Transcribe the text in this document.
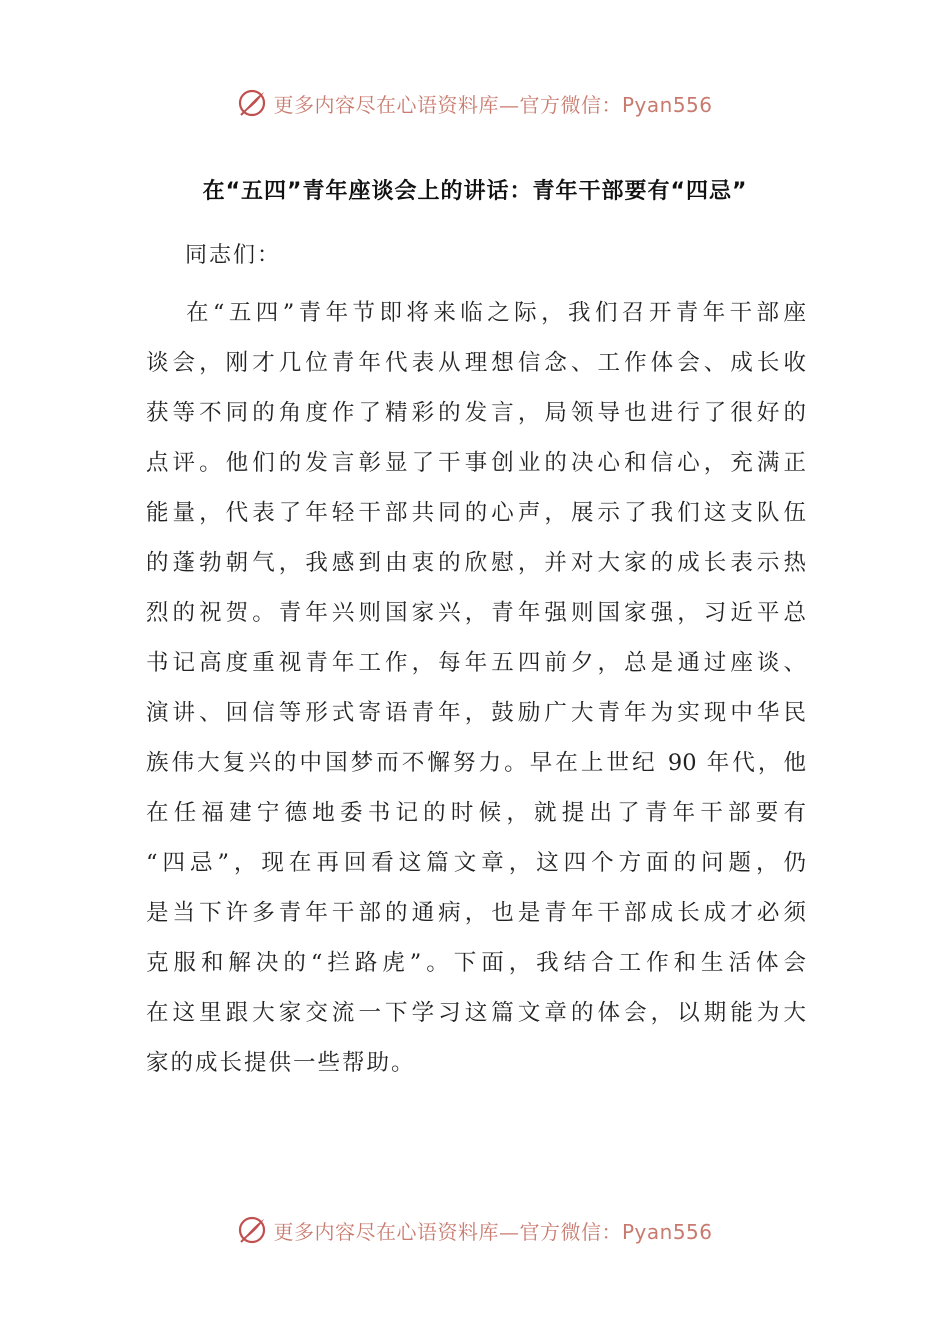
更多内容尽在心语资料库—官方微信：Pyan556
在“五四”青年座谈会上的讲话：青年干部要有“四忌”

同志们：

在“五四”青年节即将来临之际，我们召开青年干部座
谈会，刚才几位青年代表从理想信念、工作体会、成长收
获等不同的角度作了精彩的发言，局领导也进行了很好的
点评。他们的发言彰显了干事创业的决心和信心，充满正
能量，代表了年轻干部共同的心声，展示了我们这支队伍
的蓬勃朝气，我感到由衷的欣慰，并对大家的成长表示热
烈的祝贺。青年兴则国家兴，青年强则国家强，习近平总
书记高度重视青年工作，每年五四前夕，总是通过座谈、
演讲、回信等形式寄语青年，鼓励广大青年为实现中华民
族伟大复兴的中国梦而不懈努力。早在上世纪 90 年代，他
在任福建宁德地委书记的时候，就提出了青年干部要有
“四忌”，现在再回看这篇文章，这四个方面的问题，仍
是当下许多青年干部的通病，也是青年干部成长成才必须
克服和解决的“拦路虎”。下面，我结合工作和生活体会
在这里跟大家交流一下学习这篇文章的体会，以期能为大
家的成长提供一些帮助。
更多内容尽在心语资料库—官方微信：Pyan556
